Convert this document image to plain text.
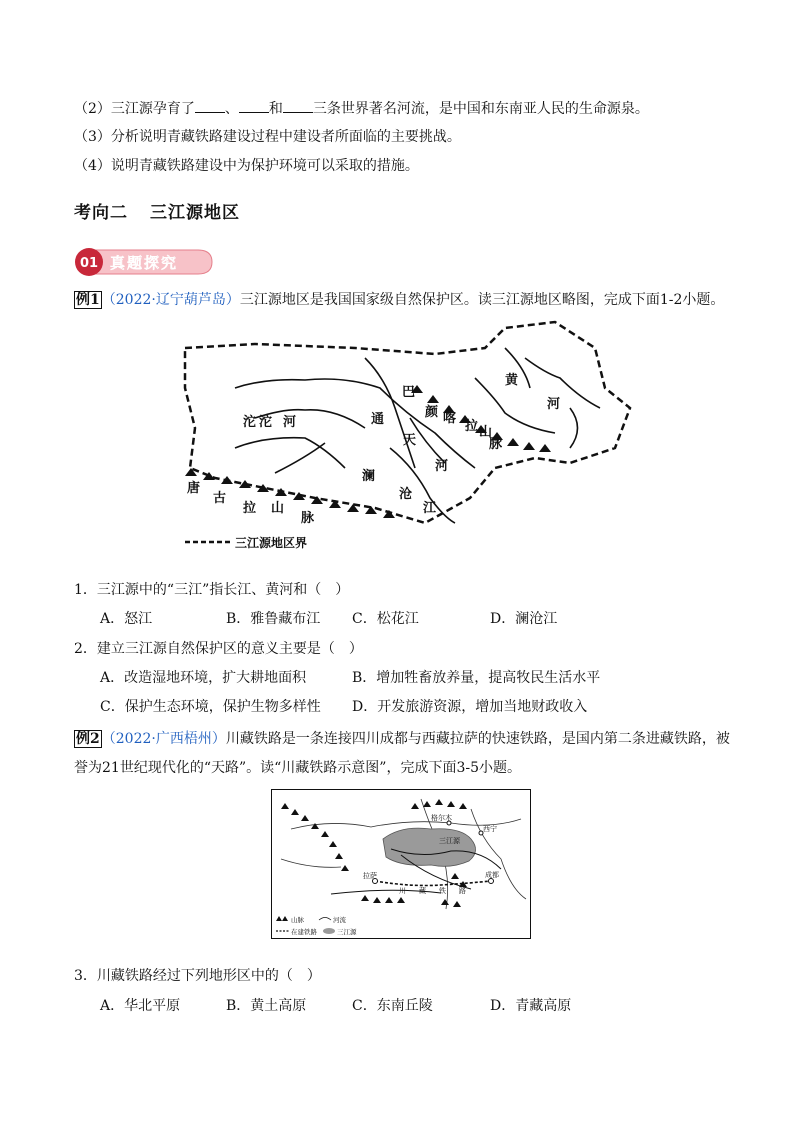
（2）三江源孕育了 、 和 三条世界著名河流，是中国和东南亚人民的生命源泉。
（3）分析说明青藏铁路建设过程中建设者所面临的主要挑战。
（4）说明青藏铁路建设中为保护环境可以采取的措施。
考向二 三江源地区
01 真题探究
例1 （2022·辽宁葫芦岛）三江源地区是我国国家级自然保护区。读三江源地区略图，完成下面1-2小题。
沱 沱 河	通
天
河
巴
颜 喀
拉 山
脉
黄
河
澜
沧
江
唐
古
拉 山
脉
三江源地区界
1．三江源中的“三江”指长江、黄河和（　）
A．怒江	B．雅鲁藏布江 C．松花江	D．澜沧江
2．建立三江源自然保护区的意义主要是（　）
A．改造湿地环境，扩大耕地面积	B．增加牲畜放养量，提高牧民生活水平
C．保护生态环境，保护生物多样性 D．开发旅游资源，增加当地财政收入
例2 （2022·广西梧州）川藏铁路是一条连接四川成都与西藏拉萨的快速铁路，是国内第二条进藏铁路，被
誉为21世纪现代化的“天路”。读“川藏铁路示意图”，完成下面3-5小题。
格尔木
三江源
西宁
拉萨
川 藏 铁 路
成都
山脉	河流
在建铁路	三江源
3．川藏铁路经过下列地形区中的（　）
A．华北平原	B．黄土高原	C．东南丘陵	D．青藏高原
